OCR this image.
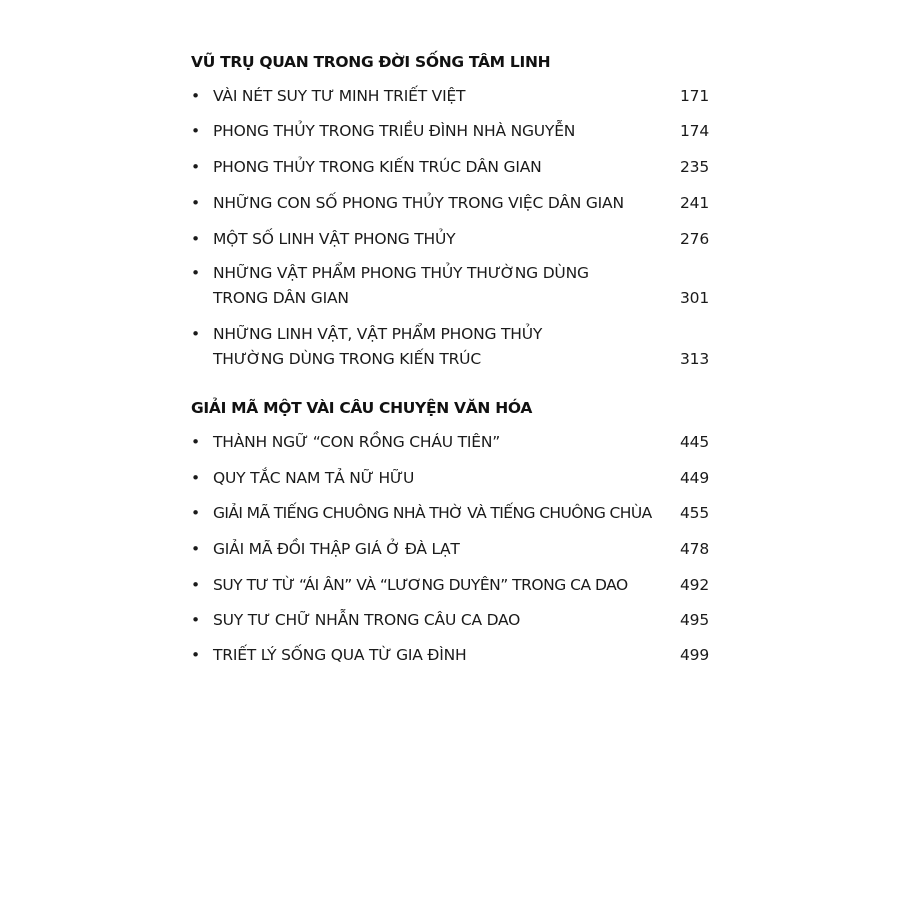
VŨ TRỤ QUAN TRONG ĐỜI SỐNG TÂM LINH
• VÀI NÉT SUY TƯ MINH TRIẾT VIỆT	171
• PHONG THỦY TRONG TRIỀU ĐÌNH NHÀ NGUYỄN	174
• PHONG THỦY TRONG KIẾN TRÚC DÂN GIAN	235
• NHỮNG CON SỐ PHONG THỦY TRONG VIỆC DÂN GIAN	241
• MỘT SỐ LINH VẬT PHONG THỦY	276
• NHỮNG VẬT PHẨM PHONG THỦY THƯỜNG DÙNG
TRONG DÂN GIAN	301
• NHỮNG LINH VẬT, VẬT PHẨM PHONG THỦY
THƯỜNG DÙNG TRONG KIẾN TRÚC	313
GIẢI MÃ MỘT VÀI CÂU CHUYỆN VĂN HÓA
• THÀNH NGỮ “CON RỒNG CHÁU TIÊN”	445
• QUY TẮC NAM TẢ NỮ HỮU	449
• GIẢI MÃ TIẾNG CHUÔNG NHÀ THỜ VÀ TIẾNG CHUÔNG CHÙA	455
• GIẢI MÃ ĐỒI THẬP GIÁ Ở ĐÀ LẠT	478
• SUY TƯ TỪ “ÁI ÂN” VÀ “LƯƠNG DUYÊN” TRONG CA DAO	492
• SUY TƯ CHỮ NHẪN TRONG CÂU CA DAO	495
• TRIẾT LÝ SỐNG QUA TỪ GIA ĐÌNH	499
